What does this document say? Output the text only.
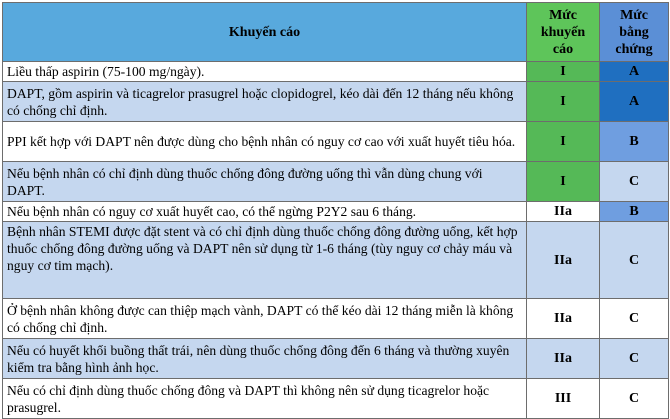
Khuyến cáo	Mức khuyến cáo	Mức bằng chứng
Liều thấp aspirin (75-100 mg/ngày).	I	A
DAPT, gồm aspirin và ticagrelor prasugrel hoặc clopidogrel, kéo dài đến 12 tháng nếu không có chống chỉ định.	I	A
PPI kết hợp với DAPT nên được dùng cho bệnh nhân có nguy cơ cao với xuất huyết tiêu hóa.	I	B
Nếu bệnh nhân có chỉ định dùng thuốc chống đông đường uống thì vẫn dùng chung với DAPT.	I	C
Nếu bệnh nhân có nguy cơ xuất huyết cao, có thể ngừng P2Y2 sau 6 tháng.	IIa	B
Bệnh nhân STEMI được đặt stent và có chỉ định dùng thuốc chống đông đường uống, kết hợp thuốc chống đông đường uống và DAPT nên sử dụng từ 1-6 tháng (tùy nguy cơ chảy máu và nguy cơ tim mạch).	IIa	C
Ở bệnh nhân không được can thiệp mạch vành, DAPT có thể kéo dài 12 tháng miễn là không có chống chỉ định.	IIa	C
Nếu có huyết khối buồng thất trái, nên dùng thuốc chống đông đến 6 tháng và thường xuyên kiểm tra bằng hình ảnh học.	IIa	C
Nếu có chỉ định dùng thuốc chống đông và DAPT thì không nên sử dụng ticagrelor hoặc prasugrel.	III	C
